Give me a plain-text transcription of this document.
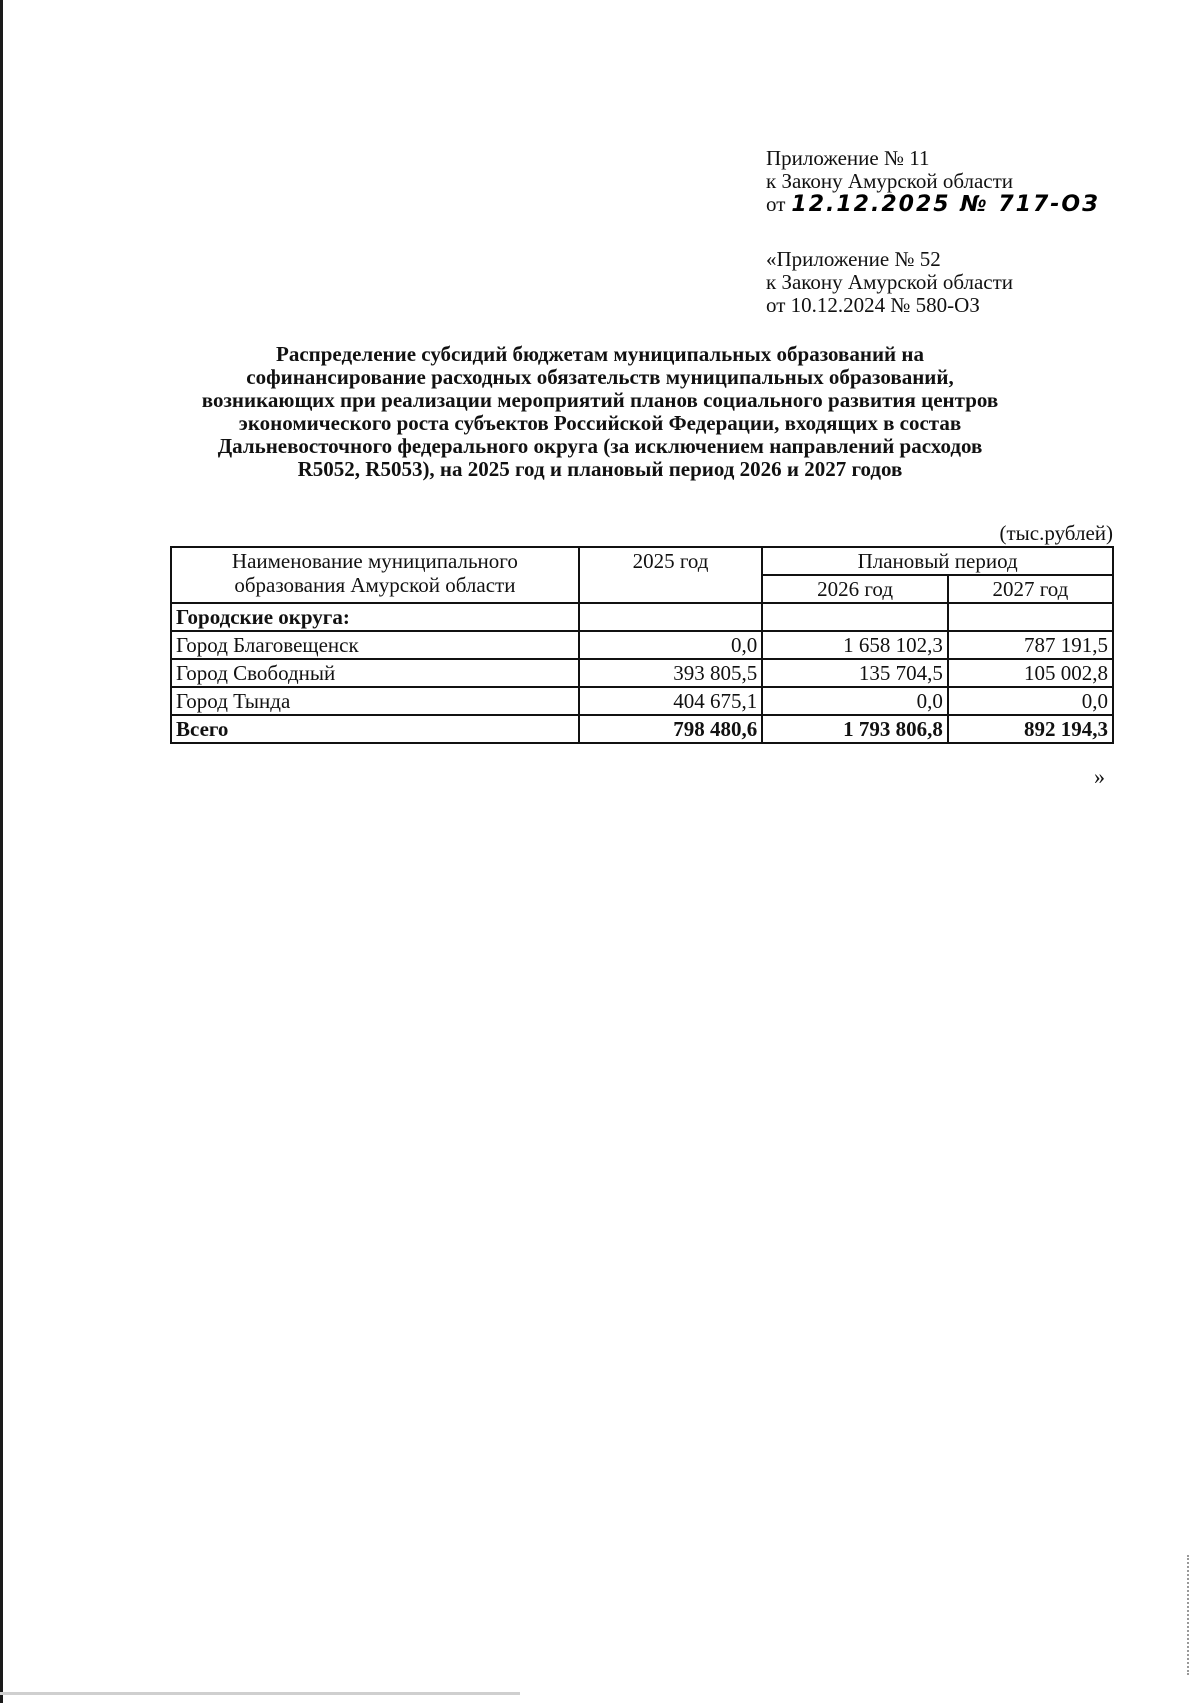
Приложение № 11
к Закону Амурской области
от 12.12.2025 № 717-ОЗ
«Приложение № 52
к Закону Амурской области
от 10.12.2024 № 580-ОЗ
Распределение субсидий бюджетам муниципальных образований на
софинансирование расходных обязательств муниципальных образований,
возникающих при реализации мероприятий планов социального развития центров
экономического роста субъектов Российской Федерации, входящих в состав
Дальневосточного федерального округа (за исключением направлений расходов
R5052, R5053), на 2025 год и плановый период 2026 и 2027 годов
(тыс.рублей)
Наименование муниципального
образования Амурской области	2025 год	Плановый период	
		2026 год	2027 год
Городские округа:			
Город Благовещенск	0,0	1 658 102,3	787 191,5
Город Свободный	393 805,5	135 704,5	105 002,8
Город Тында	404 675,1	0,0	0,0
Всего	798 480,6	1 793 806,8	892 194,3
»
